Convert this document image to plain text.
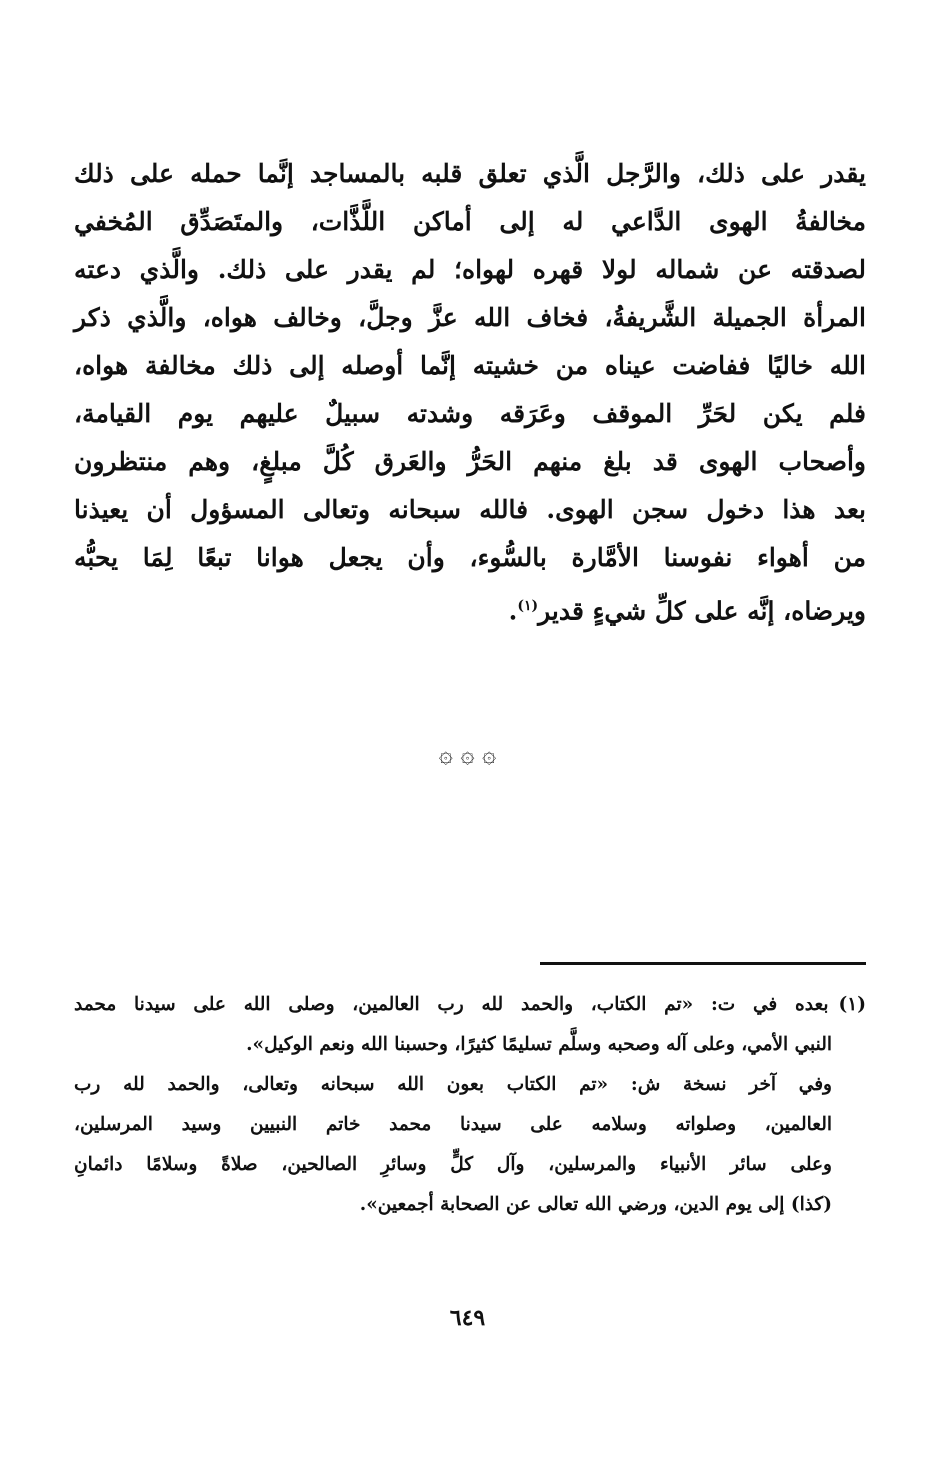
يقدر على ذلك، والرَّجل الَّذي تعلق قلبه بالمساجد إنَّما حمله على ذلك
مخالفةُ الهوى الدَّاعي له إلى أماكن اللَّذَّات، والمتَصَدِّق المُخفي
لصدقته عن شماله لولا قهره لهواه؛ لم يقدر على ذلك. والَّذي دعته
المرأة الجميلة الشَّريفةُ، فخاف الله عزَّ وجلَّ، وخالف هواه، والَّذي ذكر
الله خاليًا ففاضت عيناه من خشيته إنَّما أوصله إلى ذلك مخالفة هواه،
فلم يكن لحَرِّ الموقف وعَرَقه وشدته سبيلٌ عليهم يوم القيامة،
وأصحاب الهوى قد بلغ منهم الحَرُّ والعَرق كُلَّ مبلغٍ، وهم منتظرون
بعد هذا دخول سجن الهوى. فالله سبحانه وتعالى المسؤول أن يعيذنا
من أهواء نفوسنا الأمَّارة بالسُّوء، وأن يجعل هوانا تبعًا لِمَا يحبُّه
ويرضاه، إنَّه على كلِّ شيءٍ قدير$^{(١)}$.
۞ ۞ ۞
(١)بعده في ت: «تم الكتاب، والحمد لله رب العالمين، وصلى الله على سيدنا محمد
النبي الأمي، وعلى آله وصحبه وسلَّم تسليمًا كثيرًا، وحسبنا الله ونعم الوكيل».
وفي آخر نسخة ش: «تم الكتاب بعون الله سبحانه وتعالى، والحمد لله رب
العالمين، وصلواته وسلامه على سيدنا محمد خاتم النبيين وسيد المرسلين،
وعلى سائر الأنبياء والمرسلين، وآل كلٍّ وسائرِ الصالحين، صلاةً وسلامًا دائمانِ
(كذا) إلى يوم الدين، ورضي الله تعالى عن الصحابة أجمعين».
٦٤٩
